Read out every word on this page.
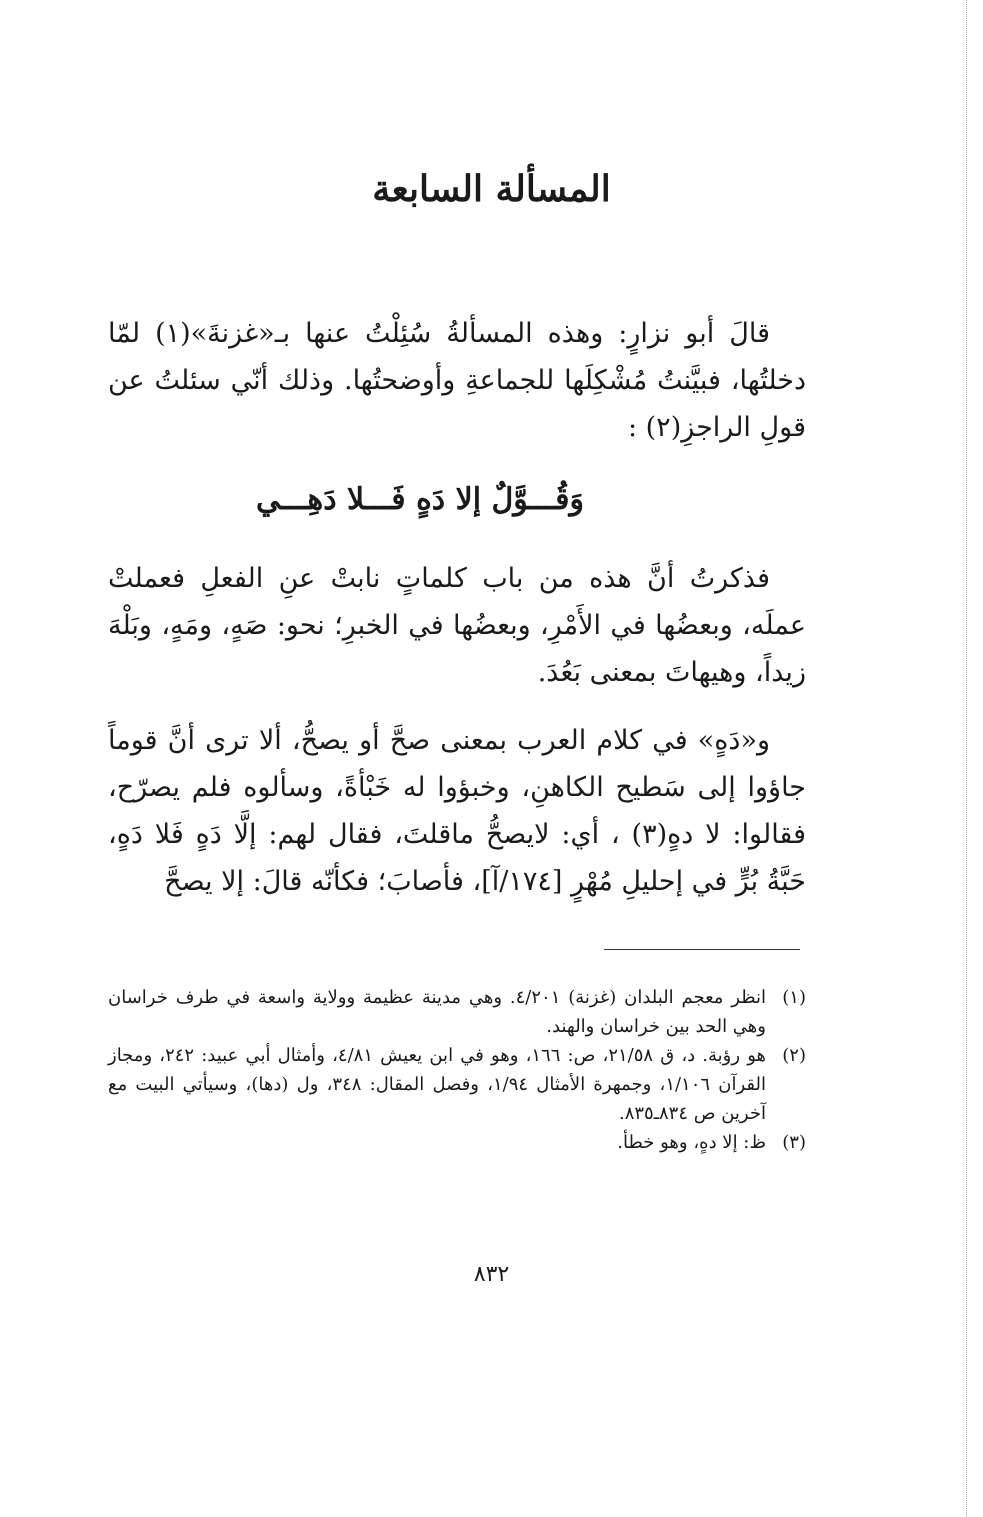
المسألة السابعة

قالَ أبو نزارٍ: وهذه المسألةُ سُئِلْتُ عنها بـ«غزنةَ»(١) لمّا دخلتُها، فبيَّنتُ مُشْكِلَها للجماعةِ وأوضحتُها. وذلك أنّي سئلتُ عن قولِ الراجزِ(٢) :

وَقُـــوَّلٌ إلا دَهٍ فَـــلا دَهِـــي

فذكرتُ أنَّ هذه من باب كلماتٍ نابتْ عنِ الفعلِ فعملتْ عملَه، وبعضُها في الأَمْرِ، وبعضُها في الخبرِ؛ نحو: صَهٍ، ومَهٍ، وبَلْهَ زيداً، وهيهاتَ بمعنى بَعُدَ.

و«دَهٍ» في كلام العرب بمعنى صحَّ أو يصحُّ، ألا ترى أنَّ قوماً جاؤوا إلى سَطيح الكاهنِ، وخبؤوا له خَبْأةً، وسألوه فلم يصرّح، فقالوا: لا دهٍ(٣) ، أي: لايصحُّ ماقلتَ، فقال لهم: إلَّا دَهٍ فَلا دَهٍ، حَبَّةُ بُرٍّ في إحليلِ مُهْرٍ [١٧٤/آ]، فأصابَ؛ فكأنّه قالَ: إلا يصحَّ

(١)
انظر معجم البلدان (غزنة) ٤/٢٠١. وهي مدينة عظيمة وولاية واسعة في طرف خراسان وهي الحد بين خراسان والهند.
(٢)
هو رؤبة. د، ق ٢١/٥٨، ص: ١٦٦، وهو في ابن يعيش ٤/٨١، وأمثال أبي عبيد: ٢٤٢، ومجاز القرآن ١/١٠٦، وجمهرة الأمثال ١/٩٤، وفصل المقال: ٣٤٨، ول (دها)، وسيأتي البيت مع آخرين ص ٨٣٤ـ٨٣٥.
(٣)
ظ: إلا دهٍ، وهو خطأ.
٨٣٢
